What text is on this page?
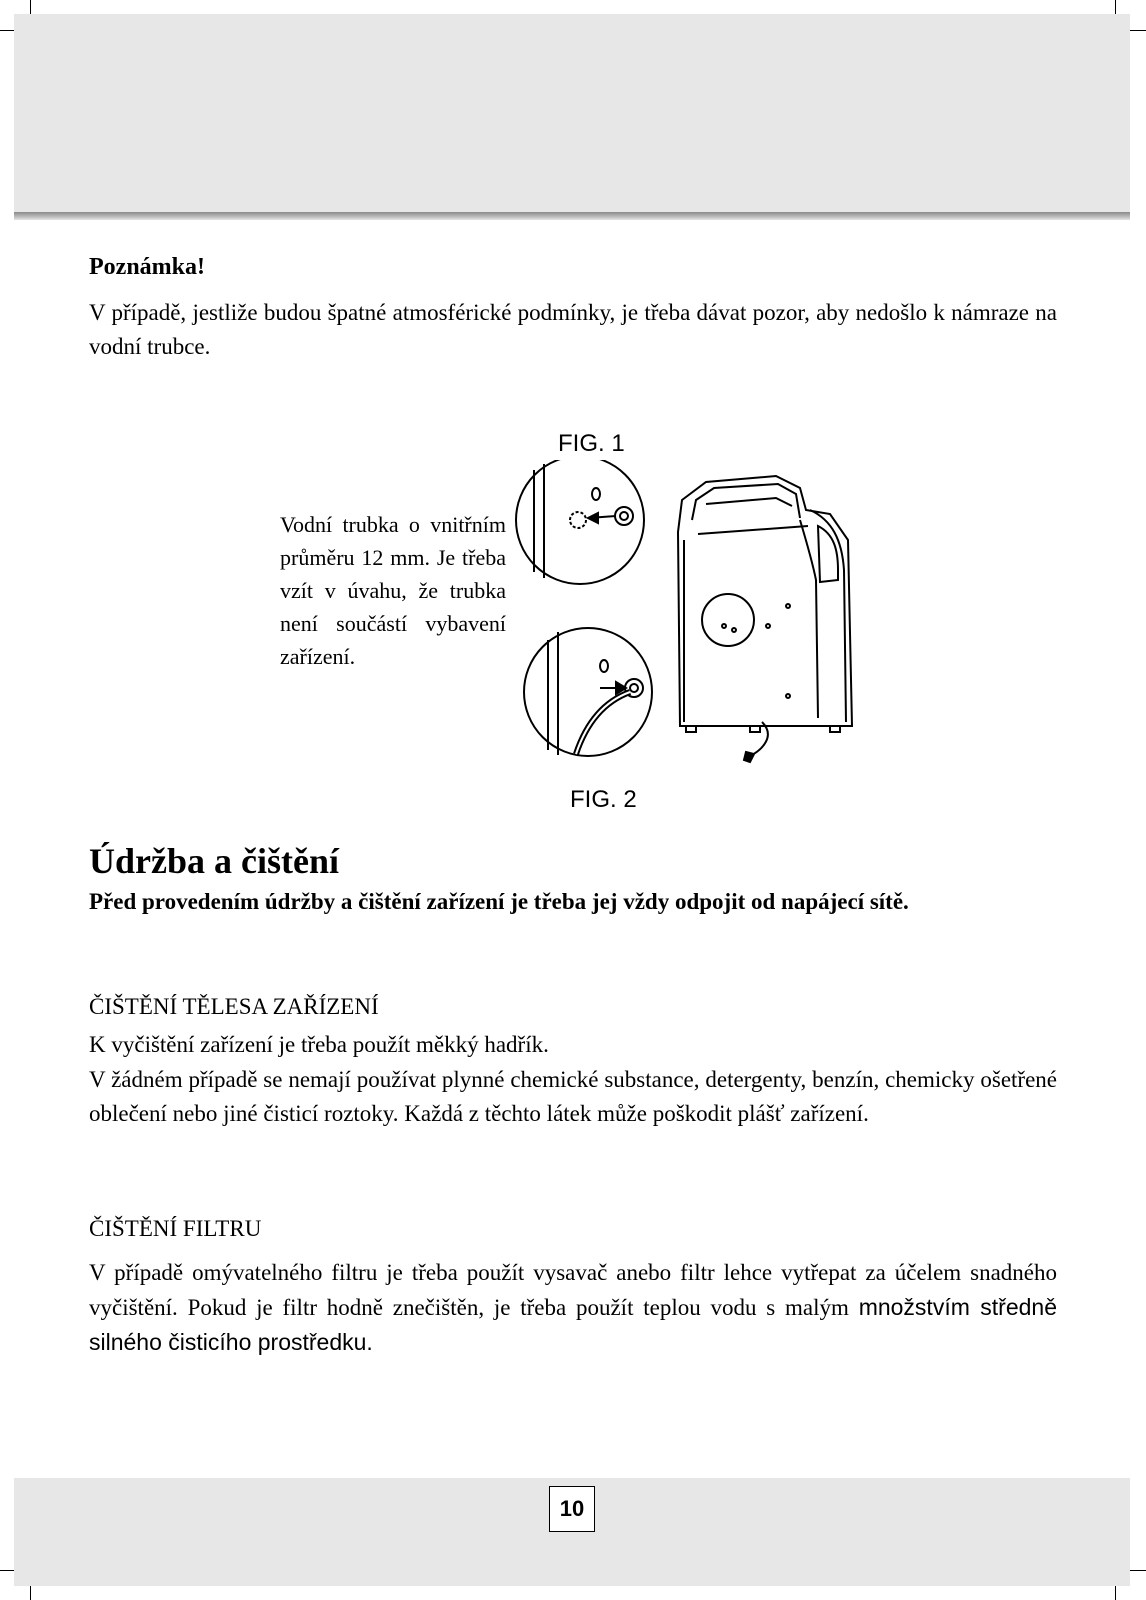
Poznámka!
V případě, jestliže budou špatné atmosférické podmínky, je třeba dávat pozor, aby nedošlo k námraze na vodní trubce.
FIG. 1
Vodní trubka o vnitřním průměru 12 mm. Je třeba vzít v úvahu, že trubka není součástí vybavení zařízení.
FIG. 2
Údržba a čištění
Před provedením údržby a čištění zařízení je třeba jej vždy odpojit od napájecí sítě.
ČIŠTĚNÍ TĚLESA ZAŘÍZENÍ
K vyčištění zařízení je třeba použít měkký hadřík.
V žádném případě se nemají používat plynné chemické substance, detergenty, benzín, chemicky ošetřené oblečení nebo jiné čisticí roztoky. Každá z těchto látek může poškodit plášť zařízení.
ČIŠTĚNÍ FILTRU
V případě omývatelného filtru je třeba použít vysavač anebo filtr lehce vytřepat za účelem snadného vyčištění. Pokud je filtr hodně znečištěn, je třeba použít teplou vodu s malým množstvím středně silného čisticího prostředku.
10
